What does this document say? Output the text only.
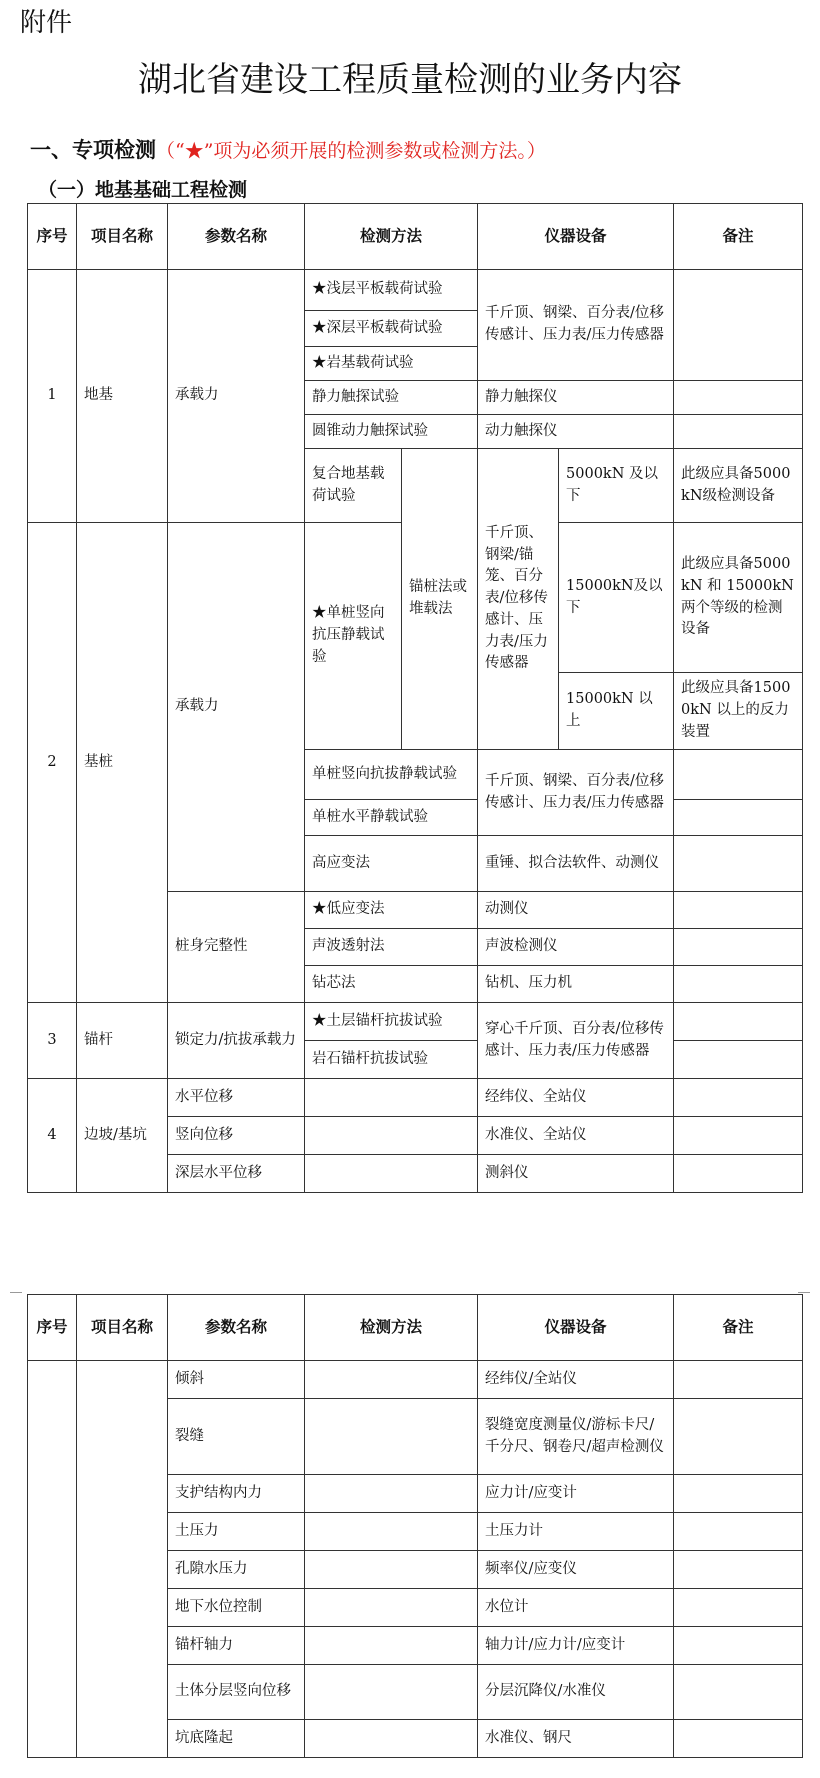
附件
湖北省建设工程质量检测的业务内容
一、专项检测（“★”项为必须开展的检测参数或检测方法。）
（一）地基基础工程检测
序号	项目名称	参数名称	检测方法		仪器设备		备注
1	地基	承载力	★浅层平板载荷试验		千斤顶、钢梁、百分表/位移传感计、压力表/压力传感器		
			★深层平板载荷试验				
			★岩基载荷试验				
			静力触探试验		静力触探仪		
			圆锥动力触探试验		动力触探仪		
			复合地基载荷试验	锚桩法或堆载法	千斤顶、钢梁/锚笼、百分表/位移传感计、压力表/压力传感器	5000kN 及以下	此级应具备5000kN级检测设备
2	基桩	承载力	★单桩竖向抗压静载试验			15000kN及以下	此级应具备5000kN 和 15000kN 两个等级的检测设备
						15000kN 以上	此级应具备15000kN 以上的反力装置
			单桩竖向抗拔静载试验		千斤顶、钢梁、百分表/位移传感计、压力表/压力传感器		
			单桩水平静载试验				
			高应变法		重锤、拟合法软件、动测仪		

		桩身完整性	★低应变法		动测仪		
			声波透射法		声波检测仪		
			钻芯法		钻机、压力机		
3	锚杆	锁定力/抗拔承载力	★土层锚杆抗拔试验		穿心千斤顶、百分表/位移传感计、压力表/压力传感器		
			岩石锚杆抗拔试验				
4	边坡/基坑	水平位移			经纬仪、全站仪		
		竖向位移			水准仪、全站仪		
		深层水平位移			测斜仪		
序号	项目名称	参数名称	检测方法	仪器设备	备注
		倾斜		经纬仪/全站仪	
		裂缝		裂缝宽度测量仪/游标卡尺/千分尺、钢卷尺/超声检测仪	
		支护结构内力		应力计/应变计	
		土压力		土压力计	
		孔隙水压力		频率仪/应变仪	
		地下水位控制		水位计	
		锚杆轴力		轴力计/应力计/应变计	
		土体分层竖向位移		分层沉降仪/水准仪	
		坑底隆起		水准仪、钢尺	
